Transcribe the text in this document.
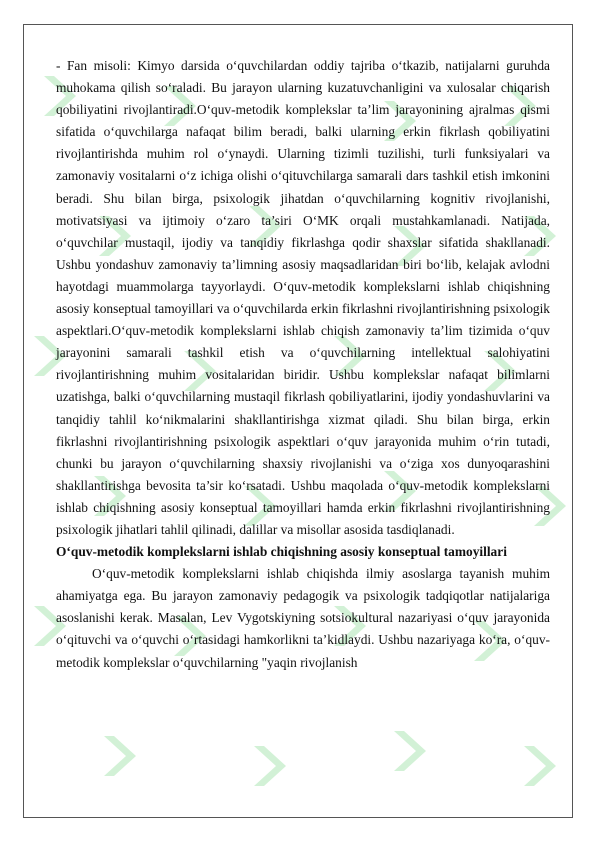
- Fan misoli: Kimyo darsida o‘quvchilardan oddiy tajriba o‘tkazib, natijalarni guruhda muhokama qilish so‘raladi. Bu jarayon ularning kuzatuvchanligini va xulosalar chiqarish qobiliyatini rivojlantiradi.O‘quv-metodik komplekslar ta’lim jarayonining ajralmas qismi sifatida o‘quvchilarga nafaqat bilim beradi, balki ularning erkin fikrlash qobiliyatini rivojlantirishda muhim rol o‘ynaydi. Ularning tizimli tuzilishi, turli funksiyalari va zamonaviy vositalarni o‘z ichiga olishi o‘qituvchilarga samarali dars tashkil etish imkonini beradi. Shu bilan birga, psixologik jihatdan o‘quvchilarning kognitiv rivojlanishi, motivatsiyasi va ijtimoiy o‘zaro ta’siri O‘MK orqali mustahkamlanadi. Natijada, o‘quvchilar mustaqil, ijodiy va tanqidiy fikrlashga qodir shaxslar sifatida shakllanadi. Ushbu yondashuv zamonaviy ta’limning asosiy maqsadlaridan biri bo‘lib, kelajak avlodni hayotdagi muammolarga tayyorlaydi. O‘quv-metodik komplekslarni ishlab chiqishning asosiy konseptual tamoyillari va o‘quvchilarda erkin fikrlashni rivojlantirishning psixologik aspektlari.O‘quv-metodik komplekslarni ishlab chiqish zamonaviy ta’lim tizimida o‘quv jarayonini samarali tashkil etish va o‘quvchilarning intellektual salohiyatini rivojlantirishning muhim vositalaridan biridir. Ushbu komplekslar nafaqat bilimlarni uzatishga, balki o‘quvchilarning mustaqil fikrlash qobiliyatlarini, ijodiy yondashuvlarini va tanqidiy tahlil ko‘nikmalarini shakllantirishga xizmat qiladi. Shu bilan birga, erkin fikrlashni rivojlantirishning psixologik aspektlari o‘quv jarayonida muhim o‘rin tutadi, chunki bu jarayon o‘quvchilarning shaxsiy rivojlanishi va o‘ziga xos dunyoqarashini shakllantirishga bevosita ta’sir ko‘rsatadi. Ushbu maqolada o‘quv-metodik komplekslarni ishlab chiqishning asosiy konseptual tamoyillari hamda erkin fikrlashni rivojlantirishning psixologik jihatlari tahlil qilinadi, dalillar va misollar asosida tasdiqlanadi.

O‘quv-metodik komplekslarni ishlab chiqishning asosiy konseptual tamoyillari

O‘quv-metodik komplekslarni ishlab chiqishda ilmiy asoslarga tayanish muhim ahamiyatga ega. Bu jarayon zamonaviy pedagogik va psixologik tadqiqotlar natijalariga asoslanishi kerak. Masalan, Lev Vygotskiyning sotsiokultural nazariyasi o‘quv jarayonida o‘qituvchi va o‘quvchi o‘rtasidagi hamkorlikni ta’kidlaydi. Ushbu nazariyaga ko‘ra, o‘quv-metodik komplekslar o‘quvchilarning "yaqin rivojlanish
